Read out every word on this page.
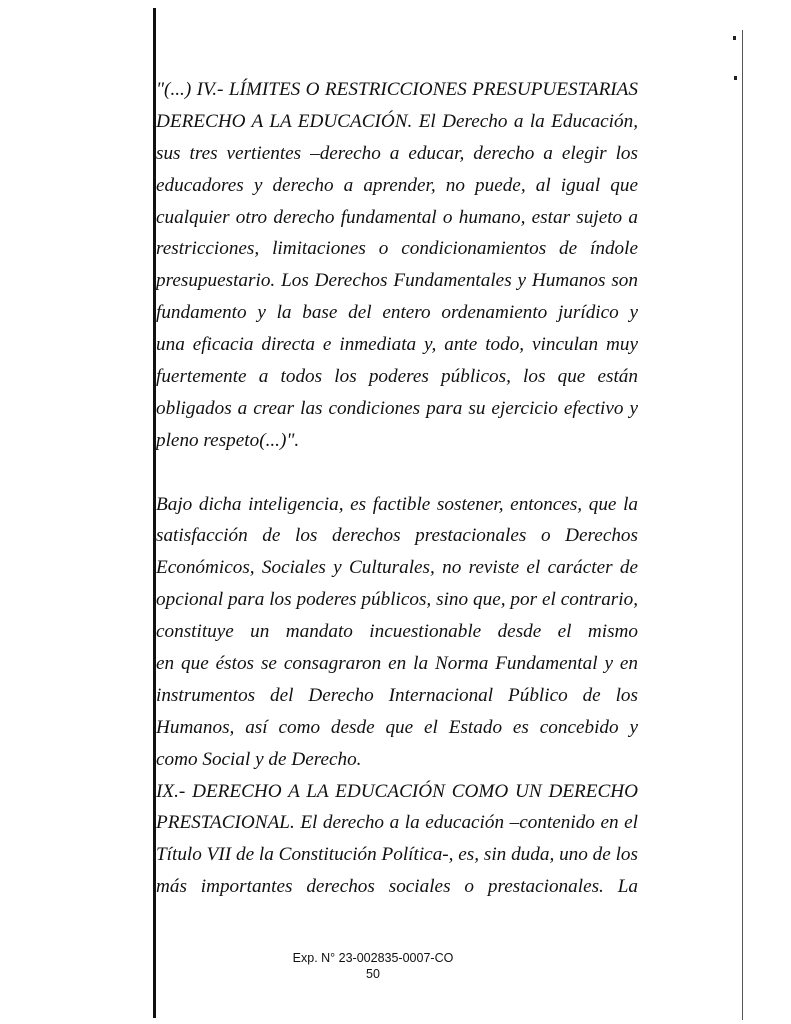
"(...) IV.- LÍMITES O RESTRICCIONES PRESUPUESTARIAS
DERECHO A LA EDUCACIÓN. El Derecho a la Educación,
sus tres vertientes –derecho a educar, derecho a elegir los
educadores y derecho a aprender, no puede, al igual que
cualquier otro derecho fundamental o humano, estar sujeto a
restricciones, limitaciones o condicionamientos de índole
presupuestario. Los Derechos Fundamentales y Humanos son
fundamento y la base del entero ordenamiento jurídico y
una eficacia directa e inmediata y, ante todo, vinculan muy
fuertemente a todos los poderes públicos, los que están
obligados a crear las condiciones para su ejercicio efectivo y
pleno respeto(...)".
Bajo dicha inteligencia, es factible sostener, entonces, que la
satisfacción de los derechos prestacionales o Derechos
Económicos, Sociales y Culturales, no reviste el carácter de
opcional para los poderes públicos, sino que, por el contrario,
constituye un mandato incuestionable desde el mismo
en que éstos se consagraron en la Norma Fundamental y en
instrumentos del Derecho Internacional Público de los
Humanos, así como desde que el Estado es concebido y
como Social y de Derecho.
IX.- DERECHO A LA EDUCACIÓN COMO UN DERECHO
PRESTACIONAL. El derecho a la educación –contenido en el
Título VII de la Constitución Política-, es, sin duda, uno de los
más importantes derechos sociales o prestacionales. La
Exp. N° 23-002835-0007-CO
50
